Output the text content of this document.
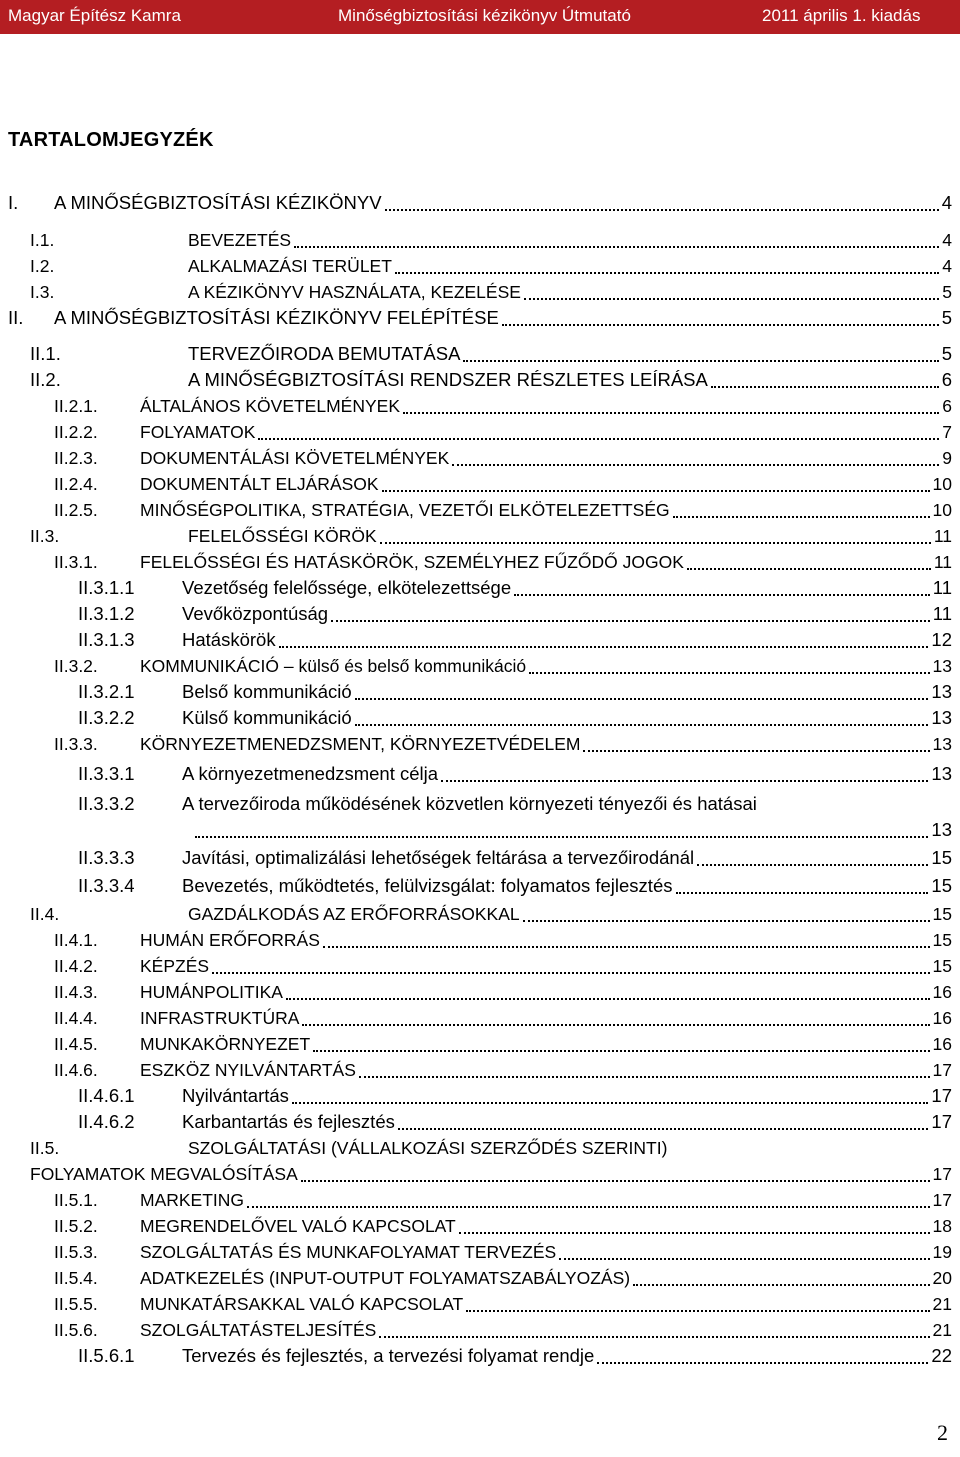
Magyar Építész Kamra	Minőségbiztosítási kézikönyv Útmutató	2011 április 1. kiadás
TARTALOMJEGYZÉK
I. A MINŐSÉGBIZTOSÍTÁSI KÉZIKÖNYV	4
I.1.	BEVEZETÉS	4
I.2.	ALKALMAZÁSI TERÜLET	4
I.3.	A KÉZIKÖNYV HASZNÁLATA, KEZELÉSE	5
II. A MINŐSÉGBIZTOSÍTÁSI KÉZIKÖNYV FELÉPÍTÉSE	5
II.1.	TERVEZŐIRODA BEMUTATÁSA	5
II.2.	A MINŐSÉGBIZTOSÍTÁSI RENDSZER RÉSZLETES LEÍRÁSA	6
II.2.1. ÁLTALÁNOS KÖVETELMÉNYEK	6
II.2.2. FOLYAMATOK	7
II.2.3. DOKUMENTÁLÁSI KÖVETELMÉNYEK	9
II.2.4. DOKUMENTÁLT ELJÁRÁSOK	10
II.2.5. MINŐSÉGPOLITIKA, STRATÉGIA, VEZETŐI ELKÖTELEZETTSÉG	10
II.3.	FELELŐSSÉGI KÖRÖK	11
II.3.1. FELELŐSSÉGI ÉS HATÁSKÖRÖK, SZEMÉLYHEZ FŰZŐDŐ JOGOK	11
II.3.1.1	Vezetőség felelőssége, elkötelezettsége	11
II.3.1.2	Vevőközpontúság	11
II.3.1.3	Hatáskörök	12
II.3.2. KOMMUNIKÁCIÓ – külső és belső kommunikáció	13
II.3.2.1	Belső kommunikáció	13
II.3.2.2	Külső kommunikáció	13
II.3.3. KÖRNYEZETMENEDZSMENT, KÖRNYEZETVÉDELEM	13
II.3.3.1	A környezetmenedzsment célja	13
II.3.3.2	A tervezőiroda működésének közvetlen környezeti tényezői és hatásai
13
II.3.3.3	Javítási, optimalizálási lehetőségek feltárása a tervezőirodánál	15
II.3.3.4	Bevezetés, működtetés, felülvizsgálat: folyamatos fejlesztés	15
II.4.	GAZDÁLKODÁS AZ ERŐFORRÁSOKKAL	15
II.4.1. HUMÁN ERŐFORRÁS	15
II.4.2. KÉPZÉS	15
II.4.3. HUMÁNPOLITIKA	16
II.4.4. INFRASTRUKTÚRA	16
II.4.5. MUNKAKÖRNYEZET	16
II.4.6. ESZKÖZ NYILVÁNTARTÁS	17
II.4.6.1	Nyilvántartás	17
II.4.6.2	Karbantartás és fejlesztés	17
II.5.	SZOLGÁLTATÁSI (VÁLLALKOZÁSI SZERZŐDÉS SZERINTI)
FOLYAMATOK MEGVALÓSÍTÁSA	17
II.5.1. MARKETING	17
II.5.2. MEGRENDELŐVEL VALÓ KAPCSOLAT	18
II.5.3. SZOLGÁLTATÁS ÉS MUNKAFOLYAMAT TERVEZÉS	19
II.5.4. ADATKEZELÉS (INPUT-OUTPUT FOLYAMATSZABÁLYOZÁS)	20
II.5.5. MUNKATÁRSAKKAL VALÓ KAPCSOLAT	21
II.5.6. SZOLGÁLTATÁSTELJESÍTÉS	21
II.5.6.1	Tervezés és fejlesztés, a tervezési folyamat rendje	22
2
